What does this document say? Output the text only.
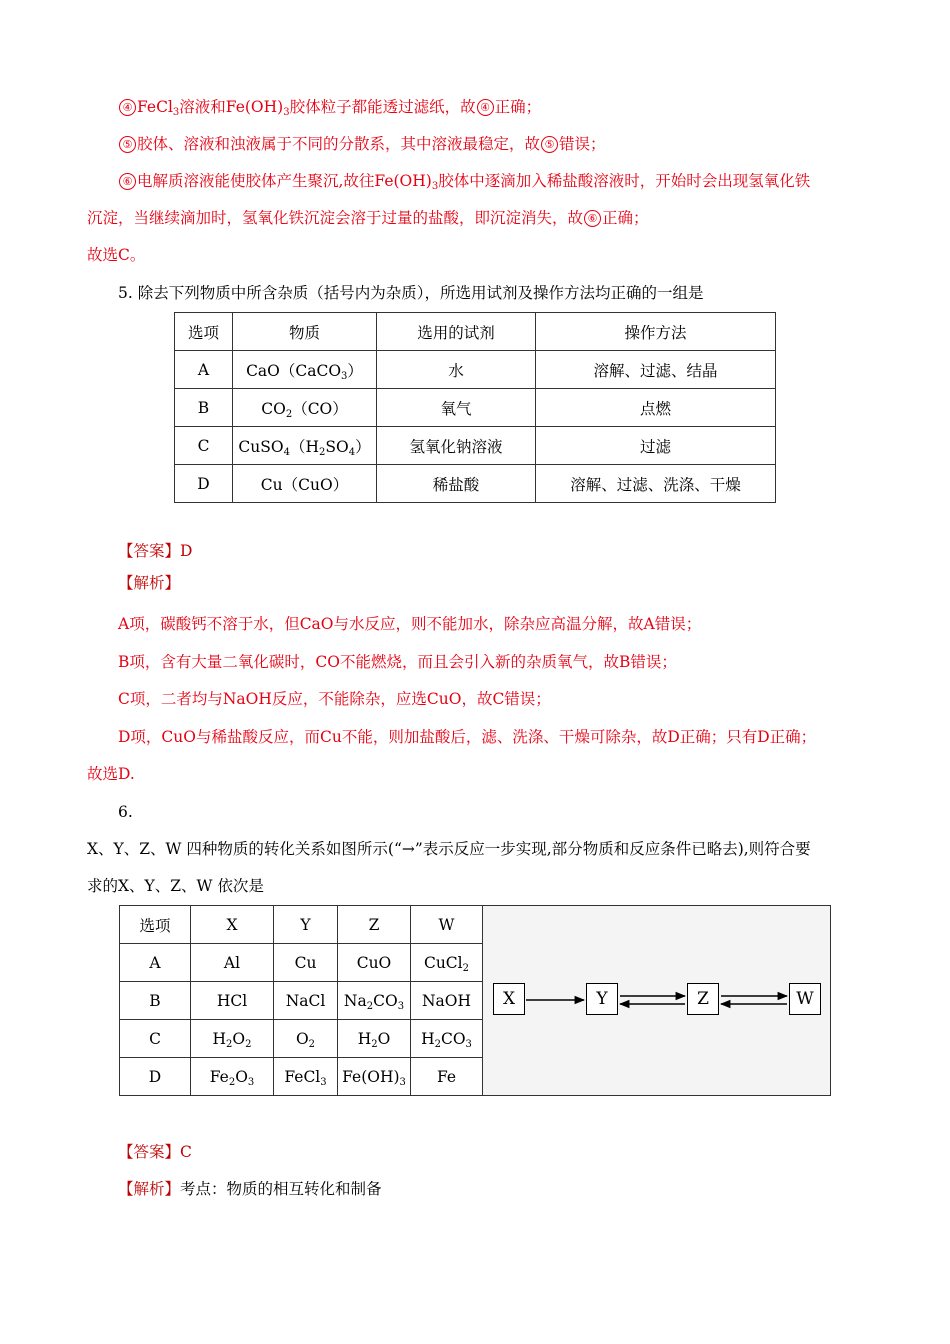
④ FeCl$_3$溶液和$Fe(OH)_3$胶体粒子都能透过滤纸，故 ④ 正确；
⑤ 胶体、溶液和浊液属于不同的分散系，其中溶液最稳定，故 ⑤ 错误；
⑥ 电解质溶液能使胶体产生聚沉,故往$Fe(OH)_3$胶体中逐滴加入稀盐酸溶液时，开始时会出现氢氧化铁
沉淀，当继续滴加时，氢氧化铁沉淀会溶于过量的盐酸，即沉淀消失，故 ⑥ 正确；
故选C。
5. 除去下列物质中所含杂质（括号内为杂质），所选用试剂及操作方法均正确的一组是
选项	物质	选用的试剂	操作方法
A	CaO（CaCO$_3$）	水	溶解、过滤、结晶
B	$CO_2(CO)$	氧气	点燃
C	$CuSO_4(H_2SO_4)$	氢氧化钠溶液	过滤
D	Cu（CuO）	稀盐酸	溶解、过滤、洗涤、干燥
【答案】D
【解析】
A项，碳酸钙不溶于水，但CaO与水反应，则不能加水，除杂应高温分解，故A错误；
B项，含有大量二氧化碳时，CO不能燃烧，而且会引入新的杂质氧气，故B错误；
C项，二者均与NaOH反应，不能除杂，应选CuO，故C错误；
D项，CuO与稀盐酸反应，而Cu不能，则加盐酸后，滤、洗涤、干燥可除杂，故D正确；只有D正确；
故选D.
6.
X、Y、Z、W 四种物质的转化关系如图所示(“→”表示反应一步实现,部分物质和反应条件已略去),则符合要
求的X、Y、Z、W 依次是
选项	X	Y	Z	W
A	Al	Cu	CuO	CuCl$_2$
B	HCl	NaCl	$Na_2CO_3$	NaOH
C	$H_2O_2$	$O_2$	$H_2O$	$H_2CO_3$
D	$Fe_2O_3$	FeCl$_3$	$Fe(OH)_3$	Fe
X	Y	Z	W
【答案】C
【解析】考点：物质的相互转化和制备
